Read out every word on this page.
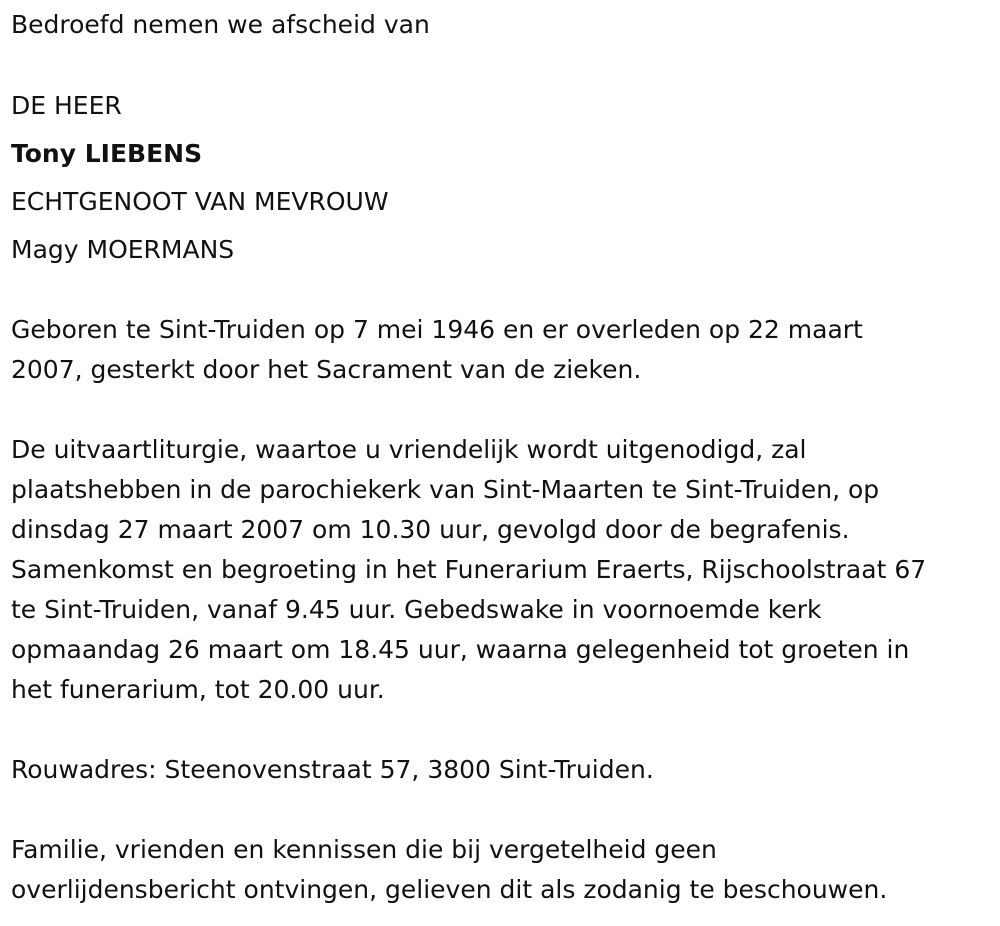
Bedroefd nemen we afscheid van
DE HEER
Tony LIEBENS
ECHTGENOOT VAN MEVROUW
Magy MOERMANS
Geboren te Sint-Truiden op 7 mei 1946 en er overleden op 22 maart
2007, gesterkt door het Sacrament van de zieken.
De uitvaartliturgie, waartoe u vriendelijk wordt uitgenodigd, zal
plaatshebben in de parochiekerk van Sint-Maarten te Sint-Truiden, op
dinsdag 27 maart 2007 om 10.30 uur, gevolgd door de begrafenis.
Samenkomst en begroeting in het Funerarium Eraerts, Rijschoolstraat 67
te Sint-Truiden, vanaf 9.45 uur. Gebedswake in voornoemde kerk
opmaandag 26 maart om 18.45 uur, waarna gelegenheid tot groeten in
het funerarium, tot 20.00 uur.
Rouwadres: Steenovenstraat 57, 3800 Sint-Truiden.
Familie, vrienden en kennissen die bij vergetelheid geen
overlijdensbericht ontvingen, gelieven dit als zodanig te beschouwen.
